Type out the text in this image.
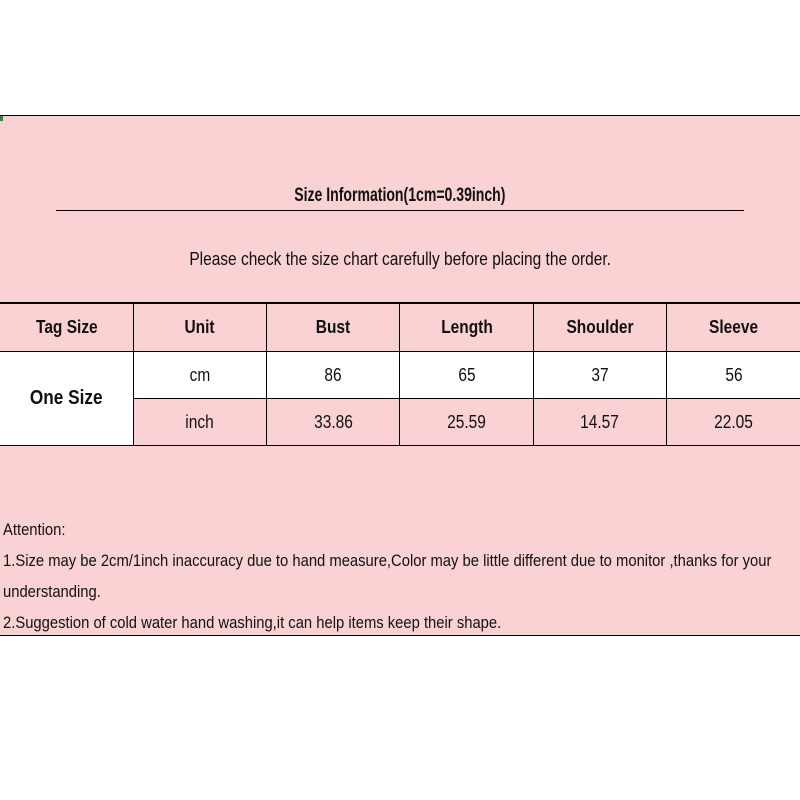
Size Information(1cm=0.39inch)
Please check the size chart carefully before placing the order.
Tag Size	Unit	Bust	Length	Shoulder	Sleeve
One Size	cm	86	65	37	56
	inch	33.86	25.59	14.57	22.05
Attention:
1.Size may be 2cm/1inch inaccuracy due to hand measure,Color may be little different due to monitor ,thanks for your
understanding.
2.Suggestion of cold water hand washing,it can help items keep their shape.
